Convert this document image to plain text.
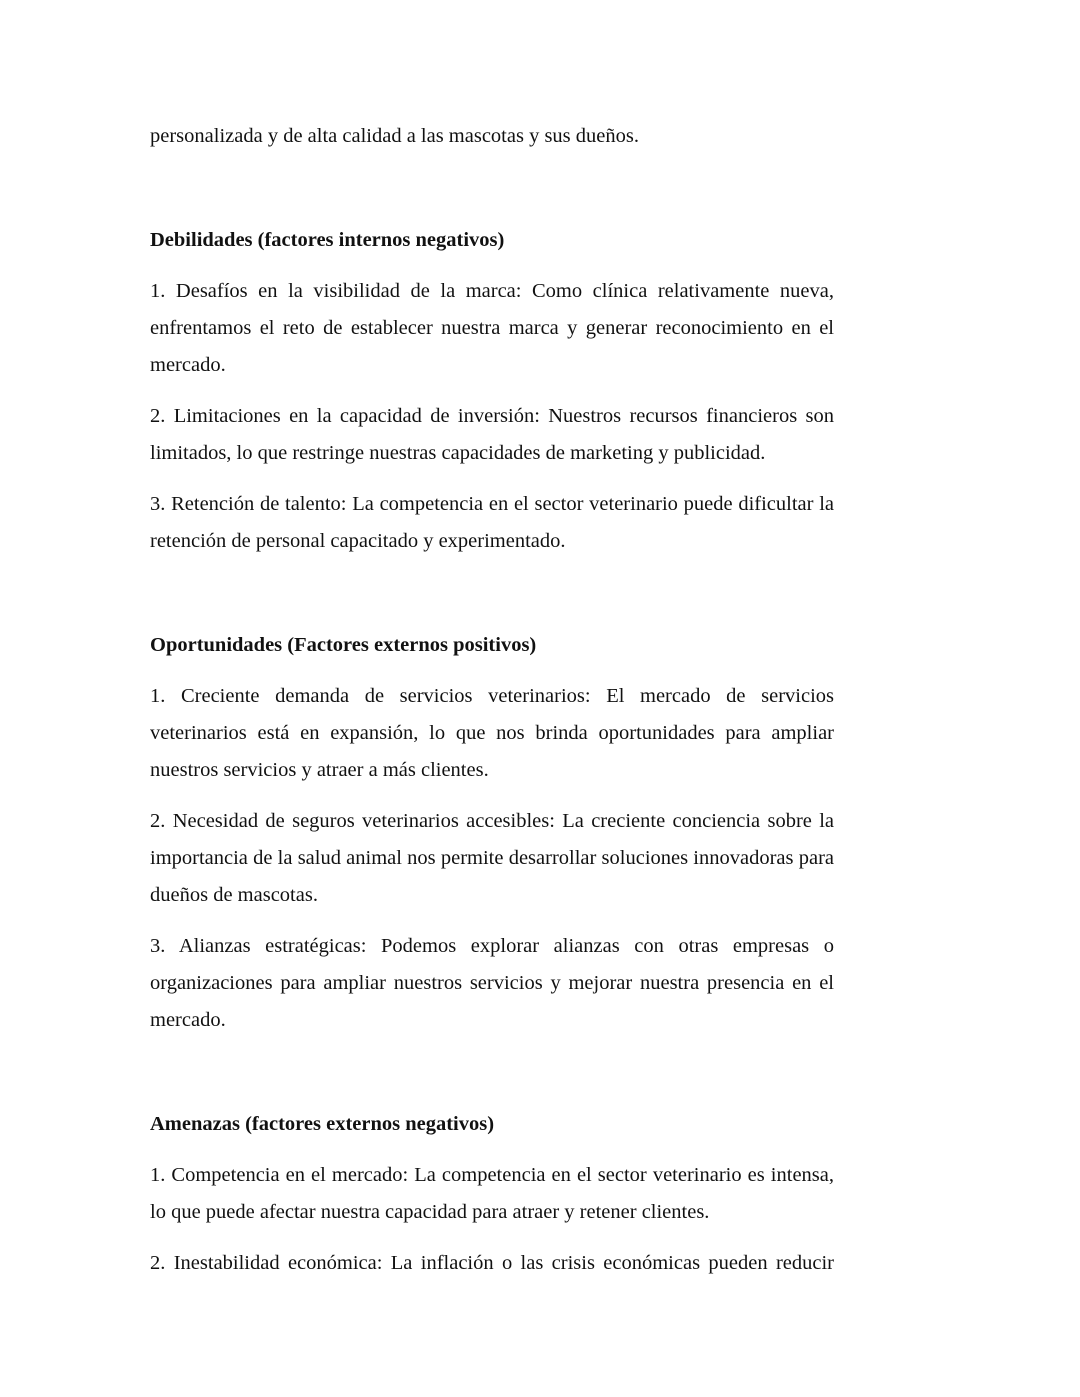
personalizada y de alta calidad a las mascotas y sus dueños.

Debilidades (factores internos negativos)

1. Desafíos en la visibilidad de la marca: Como clínica relativamente nueva, enfrentamos el reto de establecer nuestra marca y generar reconocimiento en el mercado.

2. Limitaciones en la capacidad de inversión: Nuestros recursos financieros son limitados, lo que restringe nuestras capacidades de marketing y publicidad.

3. Retención de talento: La competencia en el sector veterinario puede dificultar la retención de personal capacitado y experimentado.

Oportunidades (Factores externos positivos)

1. Creciente demanda de servicios veterinarios: El mercado de servicios veterinarios está en expansión, lo que nos brinda oportunidades para ampliar nuestros servicios y atraer a más clientes.

2. Necesidad de seguros veterinarios accesibles: La creciente conciencia sobre la importancia de la salud animal nos permite desarrollar soluciones innovadoras para dueños de mascotas.

3. Alianzas estratégicas: Podemos explorar alianzas con otras empresas o organizaciones para ampliar nuestros servicios y mejorar nuestra presencia en el mercado.

Amenazas (factores externos negativos)

1. Competencia en el mercado: La competencia en el sector veterinario es intensa, lo que puede afectar nuestra capacidad para atraer y retener clientes.

2. Inestabilidad económica: La inflación o las crisis económicas pueden reducir
